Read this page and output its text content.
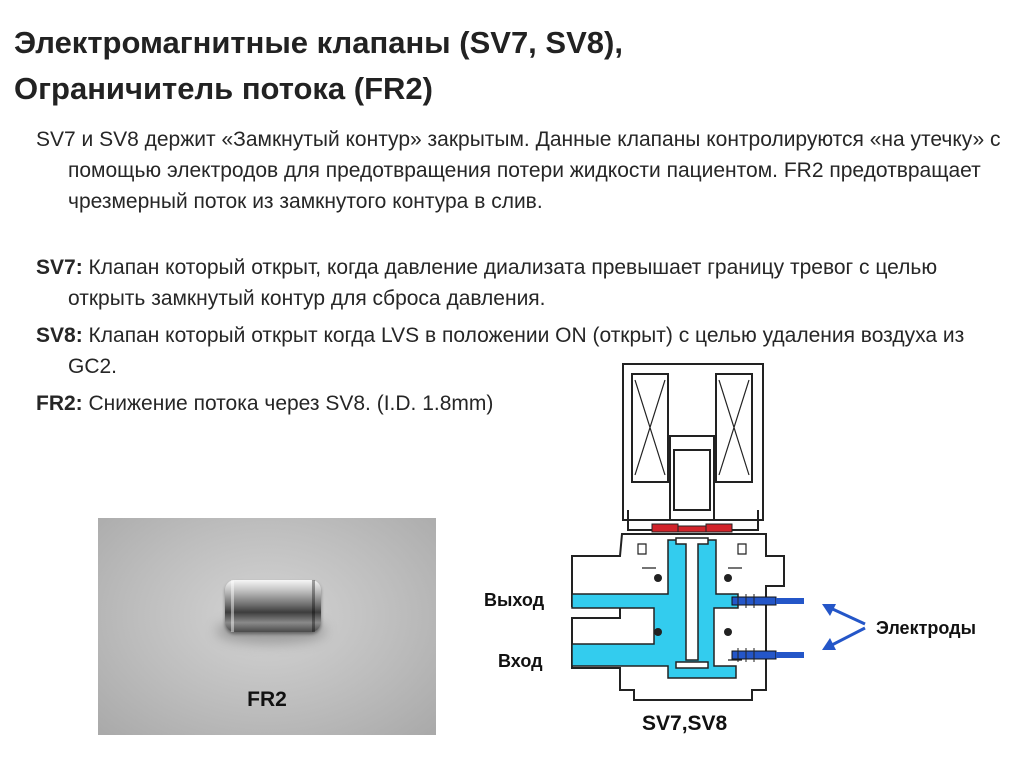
Электромагнитные клапаны (SV7, SV8),
Ограничитель потока (FR2)
SV7 и SV8 держит «Замкнутый контур» закрытым. Данные клапаны контролируются «на утечку» с помощью электродов для предотвращения потери жидкости пациентом. FR2 предотвращает чрезмерный поток из замкнутого контура в слив.
SV7: Клапан который открыт, когда давление диализата превышает границу тревог с целью открыть замкнутый контур для сброса давления.
SV8: Клапан который открыт когда LVS в положении ON (открыт) с целью удаления воздуха из GC2.
FR2: Снижение потока через SV8. (I.D. 1.8mm)
FR2
Выход
Вход
Электроды
SV7,SV8
